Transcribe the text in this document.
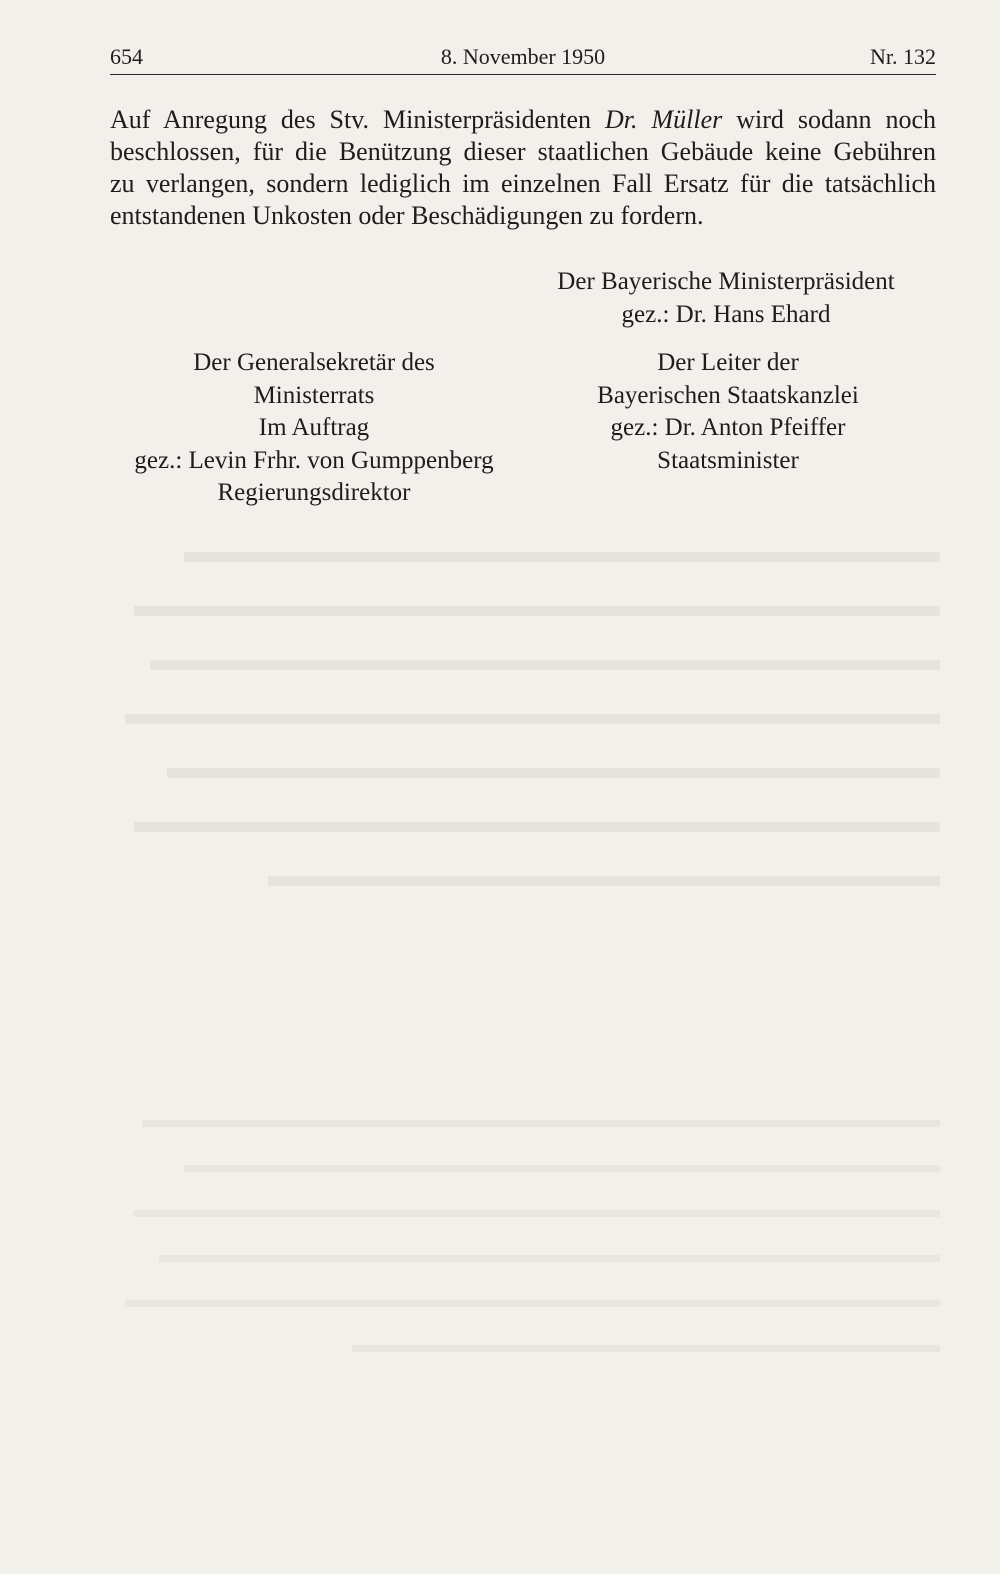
654	8. November 1950	Nr. 132
Auf Anregung des Stv. Ministerpräsidenten Dr. Müller wird sodann noch
beschlossen, für die Benützung dieser staatlichen Gebäude keine Gebühren
zu verlangen, sondern lediglich im einzelnen Fall Ersatz für die tatsächlich
entstandenen Unkosten oder Beschädigungen zu fordern.
Der Bayerische Ministerpräsident
gez.: Dr. Hans Ehard
Der Generalsekretär des
Ministerrats
Im Auftrag
gez.: Levin Frhr. von Gumppenberg
Regierungsdirektor
Der Leiter der
Bayerischen Staatskanzlei
gez.: Dr. Anton Pfeiffer
Staatsminister
